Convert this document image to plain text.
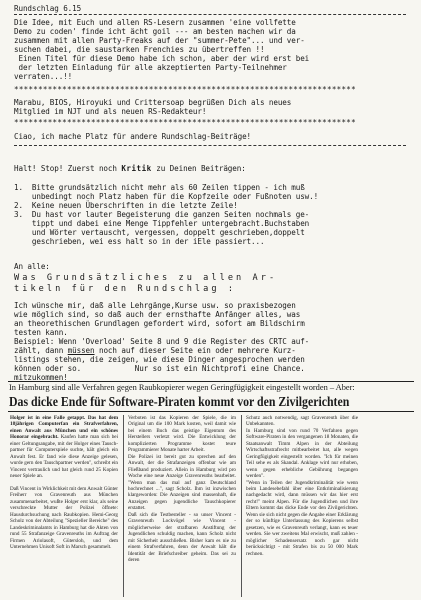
Rundschlag 6.15
Die Idee, mit Euch und allen RS-Lesern zusammen 'eine vollfette
Demo zu coden' finde icht ächt goil --- am besten machen wir da
zusammen mit allen Party-Freaks auf der "summer-Pete"... und ver-
suchen dabei, die saustarken Frenchies zu übertreffen !!
Einen Titel für diese Demo habe ich schon, aber der wird erst bei
der letzten Einladung für alle akzeptierten Party-Teilnehmer
verraten...!!
***********************************************************************
Marabu, BIOS, Hiroyuki und Crittersoap begrüßen Dich als neues
Mitglied im NJT und als neuen RS-Redakteur!
***********************************************************************
Ciao, ich mache Platz für andere Rundschlag-Beiträge!
Halt! Stop! Zuerst noch Kritik zu Deinen Beiträgen:
1.  Bitte grundsätzlich nicht mehr als 60 Zeilen tippen - ich muß
unbedingt noch Platz haben für die Kopfzeile oder Fußnoten usw.!
2.  Keine neuen Überschriften in die letzte Zeile!
3.  Du hast vor lauter Begeisterung die ganzen Seiten nochmals ge-
tippt und dabei eine Menge Tippfehler untergebracht.Buchstaben
und Wörter vertauscht, vergessen, doppelt geschrieben,doppelt
geschrieben, wei ess halt so in der iEle passiert...
An alle:
Was Grundsätzliches zu allen Ar-
tikeln für den Rundschlag :
Ich wünsche mir, daß alle Lehrgänge,Kurse usw. so praxisbezogen
wie möglich sind, so daß auch der ernsthafte Anfänger alles, was
an theorethischen Grundlagen gefordert wird, sofort am Bildschirm
testen kann.
Beispiel: Wenn 'Overload' Seite 8 und 9 die Register des CRTC auf-
zählt, dann müssen noch auf dieser Seite ein oder mehrere Kurz-
listings stehen, die zeigen, wie diese Dinger angesprochen werden
können oder so.            Nur so ist ein Nichtprofi eine Chance.
mitzukommen!
In Hamburg sind alle Verfahren gegen Raubkopierer wegen Geringfügigkeit eingestellt worden – Aber:
Das dicke Ende für Software-Piraten kommt vor den Zivilgerichten

Holger ist in eine Falle getappt. Das hat dem 18jährigen Computerfan ein Strafverfahren, einen Anwalt aus München und ein schönes Honorar eingebracht. Kaufen hatte man sich bei einer Geltungsangabe, mit der Holger eines Tausch-partner für Computerspiele suchte, hält gleich ein Anwalt fest. Er fand wie diese Anzeige gelesen, wurde gern den Tauschpartner werden", schreibt ein Vincent vertraulich und bat gleich rund 25 Kopien neuer Spiele an.

Daß Vincent in Wirklichkeit mit dem Anwalt Günter Freiherr von Gravenreuth aus München zusammenarbeitet, wußte Holger erst klar, als seine verschreckte Mutter der Polizei öffnete: Hausdurchsuchung nach Raubkopien. Hemi-Georg Scholz von der Abteilung "Spezieller Bereiche" des Landeskriminalamts in Hamburg hat die Akten von rund 55 Strafanzeige Gravenreuths im Auftrag der Firmen Ariolasoft, Gütersloh, und dem Unternehmen Unisoft Soft in Marsch gesammelt.

Verboten ist das Kopieren der Spiele, die im Original um die 100 Mark kosten, weil damit wie bei einem Buch das geistige Eigentum des Herstellers verletzt wird. Die Entwicklung der komplizierten Programme kostet teure Programmierer Monate harter Arbeit.
Die Polizei ist bereit gut zu sprechen auf den Anwalt, der die Strafanzeigen offenbar wie am Fließband produziert. Allein in Hamburg wird pro Woche eine neue Anzeige Gravenreuths bearbeitet. "Wenn man das mal auf ganz Deutschland hochrechnet ...", sagt Scholz. Ihm ist inzwischen klargeworden: Die Anzeigen sind massenhaft, die Anzeigen gegen jugendliche Tauschkopierer erstattet.
Daß sich die Testbesteller - so unser Vincent - Gravenreuth Lockvögel wie Vincent - möglicherweise der strafbaren Anstiftung der Jugendlichen schuldig machen, kann Scholz nicht mit Sicherheit ausschließen. Bisher kam es nie zu einem Strafverfahren, denn der Anwalt hält die Identität der Briefschreiber geheim. Das sei zu deren

Schutz auch notwendig, sagt Gravenreuth über die Unbekannten.
In Hamburg sind von rund 70 Verfahren gegen Software-Piraten in den vergangenen 18 Monaten, die Staatsanwalt Timm Alpen in der Abteilung Wirtschaftsstrafrecht mitbearbeitet hat, alle wegen Geringfügigkeit eingestellt worden. "Ich für meinen Teil sehe es als Skandal. Anklage wird nur erhoben, wenn gegen erhebliche Gebührung begangen werden".
"Wenn in Teilen der Jugendkriminalität wie wenn beim Landesebefahl über eine Entkriminalisierung nachgedacht wird, dann müssen wir das hier erst recht!" meint Alpen. Für die Jugendlichen und ihre Eltern kommt das dicke Ende vor den Zivilgerichten. Wenn sie sich nicht gegen die Angabe einer Erklärung der so künftige Unterlassung des Kopierens selbst gesetzen, wie es Gravenreuth verlangt, kann es teuer werden. Sie wer zweitens Mal erwischt, muß zahlen - möglicher Schadensersatz noch gar nicht berücksichtigt - mit Strafen bis zu 50 000 Mark rechnen.
